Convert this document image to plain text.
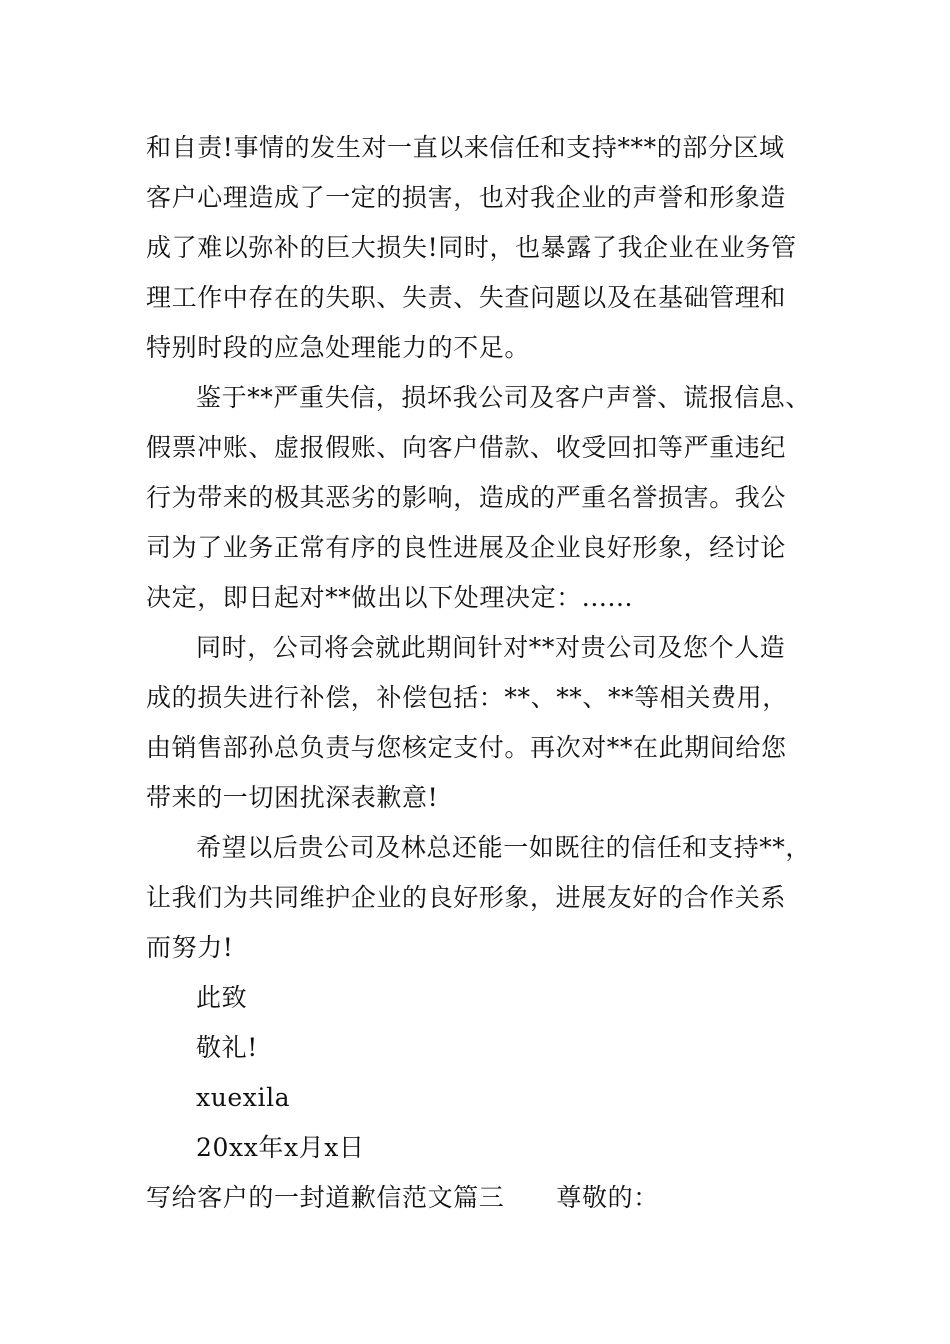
和自责!事情的发生对一直以来信任和支持***的部分区域
客户心理造成了一定的损害，也对我企业的声誉和形象造
成了难以弥补的巨大损失!同时，也暴露了我企业在业务管
理工作中存在的失职、失责、失查问题以及在基础管理和
特别时段的应急处理能力的不足。
鉴于**严重失信，损坏我公司及客户声誉、谎报信息、
假票冲账、虚报假账、向客户借款、收受回扣等严重违纪
行为带来的极其恶劣的影响，造成的严重名誉损害。我公
司为了业务正常有序的良性进展及企业良好形象，经讨论
决定，即日起对**做出以下处理决定：......
同时，公司将会就此期间针对**对贵公司及您个人造
成的损失进行补偿，补偿包括：**、**、**等相关费用，
由销售部孙总负责与您核定支付。再次对**在此期间给您
带来的一切困扰深表歉意!
希望以后贵公司及林总还能一如既往的信任和支持**，
让我们为共同维护企业的良好形象，进展友好的合作关系
而努力!
此致
敬礼!
xuexila
20xx年x月x日
写给客户的一封道歉信范文篇三 尊敬的：
